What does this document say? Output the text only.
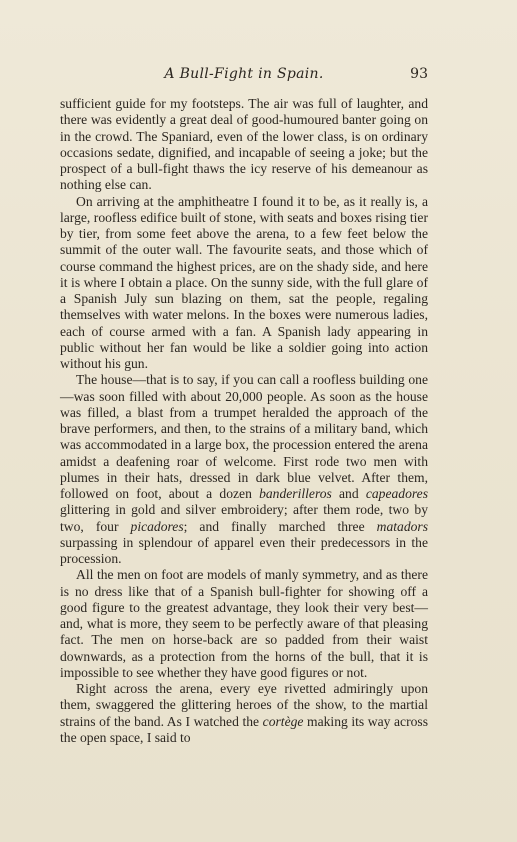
A Bull-Fight in Spain.	93

sufficient guide for my footsteps. The air was full of laughter, and there was evidently a great deal of good-humoured banter going on in the crowd. The Spaniard, even of the lower class, is on ordinary occasions sedate, dignified, and incapable of seeing a joke; but the prospect of a bull-fight thaws the icy reserve of his demeanour as nothing else can.

On arriving at the amphitheatre I found it to be, as it really is, a large, roofless edifice built of stone, with seats and boxes rising tier by tier, from some feet above the arena, to a few feet below the summit of the outer wall. The favourite seats, and those which of course command the highest prices, are on the shady side, and here it is where I obtain a place. On the sunny side, with the full glare of a Spanish July sun blazing on them, sat the people, regaling themselves with water melons. In the boxes were numerous ladies, each of course armed with a fan. A Spanish lady appearing in public without her fan would be like a soldier going into action without his gun.

The house—that is to say, if you can call a roofless building one—was soon filled with about 20,000 people. As soon as the house was filled, a blast from a trumpet heralded the approach of the brave performers, and then, to the strains of a military band, which was accommodated in a large box, the procession entered the arena amidst a deafening roar of welcome. First rode two men with plumes in their hats, dressed in dark blue velvet. After them, followed on foot, about a dozen banderilleros and capeadores glittering in gold and silver embroidery; after them rode, two by two, four picadores; and finally marched three matadors surpassing in splendour of apparel even their predecessors in the procession.

All the men on foot are models of manly symmetry, and as there is no dress like that of a Spanish bull-fighter for showing off a good figure to the greatest advantage, they look their very best—and, what is more, they seem to be perfectly aware of that pleasing fact. The men on horse-back are so padded from their waist downwards, as a protection from the horns of the bull, that it is impossible to see whether they have good figures or not.

Right across the arena, every eye rivetted admiringly upon them, swaggered the glittering heroes of the show, to the martial strains of the band. As I watched the cortège making its way across the open space, I said to
